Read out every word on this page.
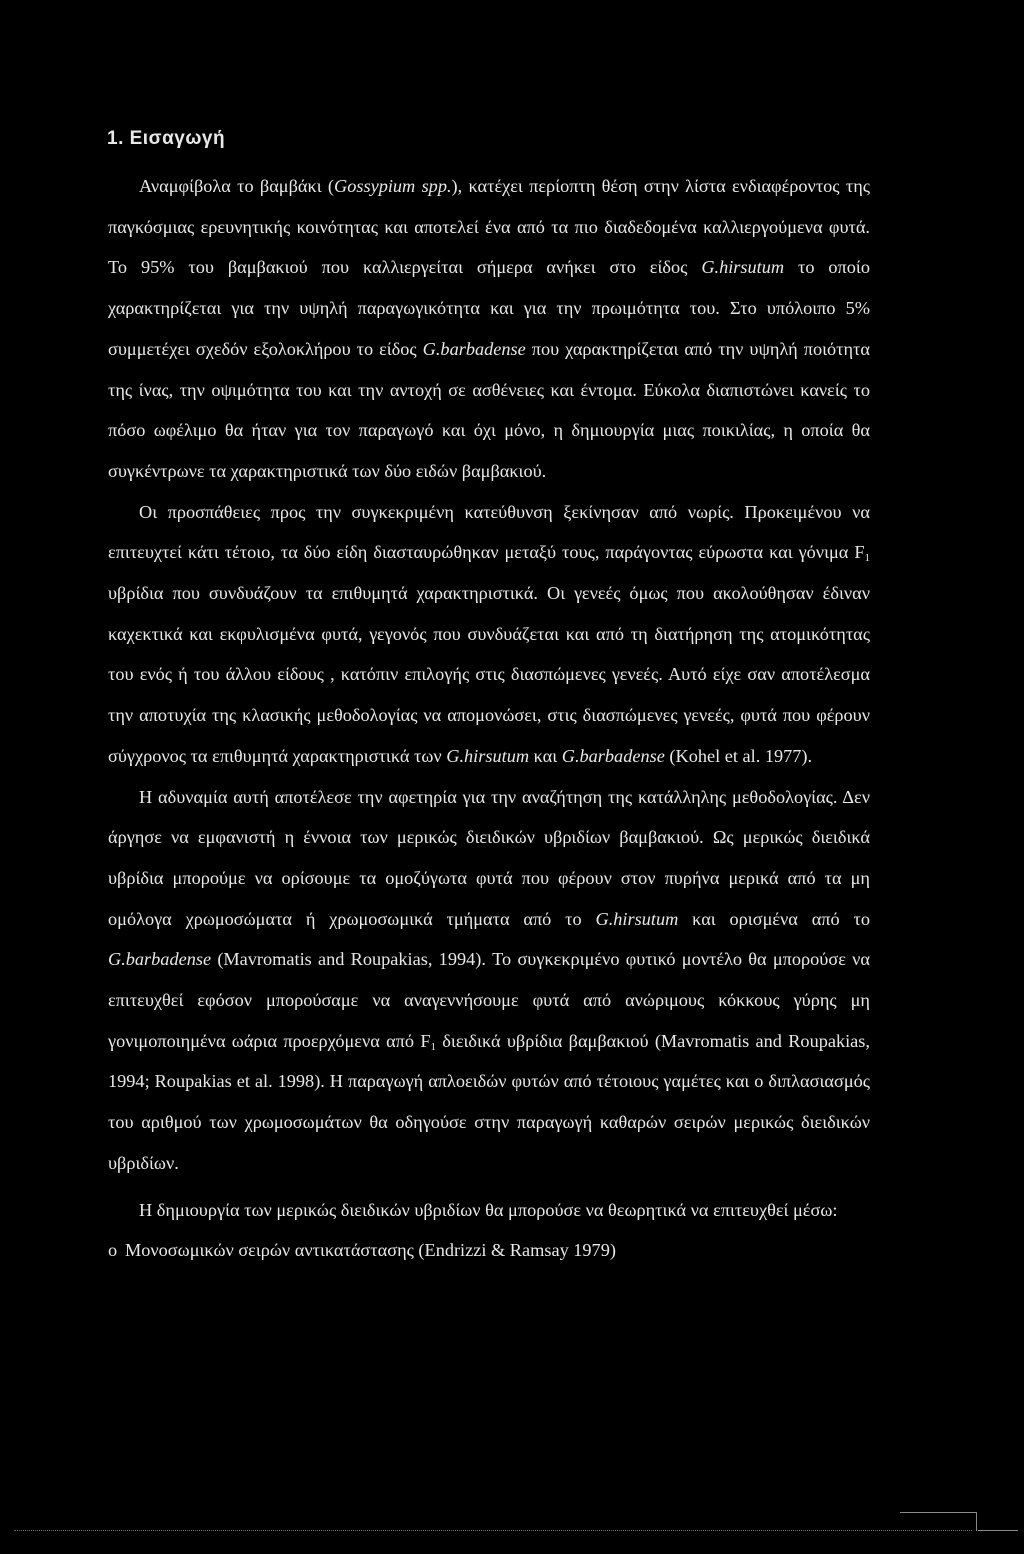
1. Εισαγωγή

Αναμφίβολα το βαμβάκι (Gossypium spp.), κατέχει περίοπτη θέση στην λίστα ενδιαφέροντος της παγκόσμιας ερευνητικής κοινότητας και αποτελεί ένα από τα πιο διαδεδομένα καλλιεργούμενα φυτά. Το 95% του βαμβακιού που καλλιεργείται σήμερα ανήκει στο είδος G.hirsutum το οποίο χαρακτηρίζεται για την υψηλή παραγωγικότητα και για την πρωιμότητα του. Στο υπόλοιπο 5% συμμετέχει σχεδόν εξολοκλήρου το είδος G.barbadense που χαρακτηρίζεται από την υψηλή ποιότητα της ίνας, την οψιμότητα του και την αντοχή σε ασθένειες και έντομα. Εύκολα διαπιστώνει κανείς το πόσο ωφέλιμο θα ήταν για τον παραγωγό και όχι μόνο, η δημιουργία μιας ποικιλίας, η οποία θα συγκέντρωνε τα χαρακτηριστικά των δύο ειδών βαμβακιού.

Οι προσπάθειες προς την συγκεκριμένη κατεύθυνση ξεκίνησαν από νωρίς. Προκειμένου να επιτευχτεί κάτι τέτοιο, τα δύο είδη διασταυρώθηκαν μεταξύ τους, παράγοντας εύρωστα και γόνιμα $F_1$ υβρίδια που συνδυάζουν τα επιθυμητά χαρακτηριστικά. Οι γενεές όμως που ακολούθησαν έδιναν καχεκτικά και εκφυλισμένα φυτά, γεγονός που συνδυάζεται και από τη διατήρηση της ατομικότητας του ενός ή του άλλου είδους , κατόπιν επιλογής στις διασπώμενες γενεές. Αυτό είχε σαν αποτέλεσμα την αποτυχία της κλασικής μεθοδολογίας να απομονώσει, στις διασπώμενες γενεές, φυτά που φέρουν σύγχρονος τα επιθυμητά χαρακτηριστικά των G.hirsutum και G.barbadense (Kohel et al. 1977).

Η αδυναμία αυτή αποτέλεσε την αφετηρία για την αναζήτηση της κατάλληλης μεθοδολογίας. Δεν άργησε να εμφανιστή η έννοια των μερικώς διειδικών υβριδίων βαμβακιού. Ως μερικώς διειδικά υβρίδια μπορούμε να ορίσουμε τα ομοζύγωτα φυτά που φέρουν στον πυρήνα μερικά από τα μη ομόλογα χρωμοσώματα ή χρωμοσωμικά τμήματα από το G.hirsutum και ορισμένα από το G.barbadense (Mavromatis and Roupakias, 1994). Το συγκεκριμένο φυτικό μοντέλο θα μπορούσε να επιτευχθεί εφόσον μπορούσαμε να αναγεννήσουμε φυτά από ανώριμους κόκκους γύρης μη γονιμοποιημένα ωάρια προερχόμενα από $F_1$ διειδικά υβρίδια βαμβακιού (Mavromatis and Roupakias, 1994; Roupakias et al. 1998). Η παραγωγή απλοειδών φυτών από τέτοιους γαμέτες και ο διπλασιασμός του αριθμού των χρωμοσωμάτων θα οδηγούσε στην παραγωγή καθαρών σειρών μερικώς διειδικών υβριδίων.

Η δημιουργία των μερικώς διειδικών υβριδίων θα μπορούσε να θεωρητικά να επιτευχθεί μέσω:

o Μονοσωμικών σειρών αντικατάστασης (Endrizzi & Ramsay 1979)
